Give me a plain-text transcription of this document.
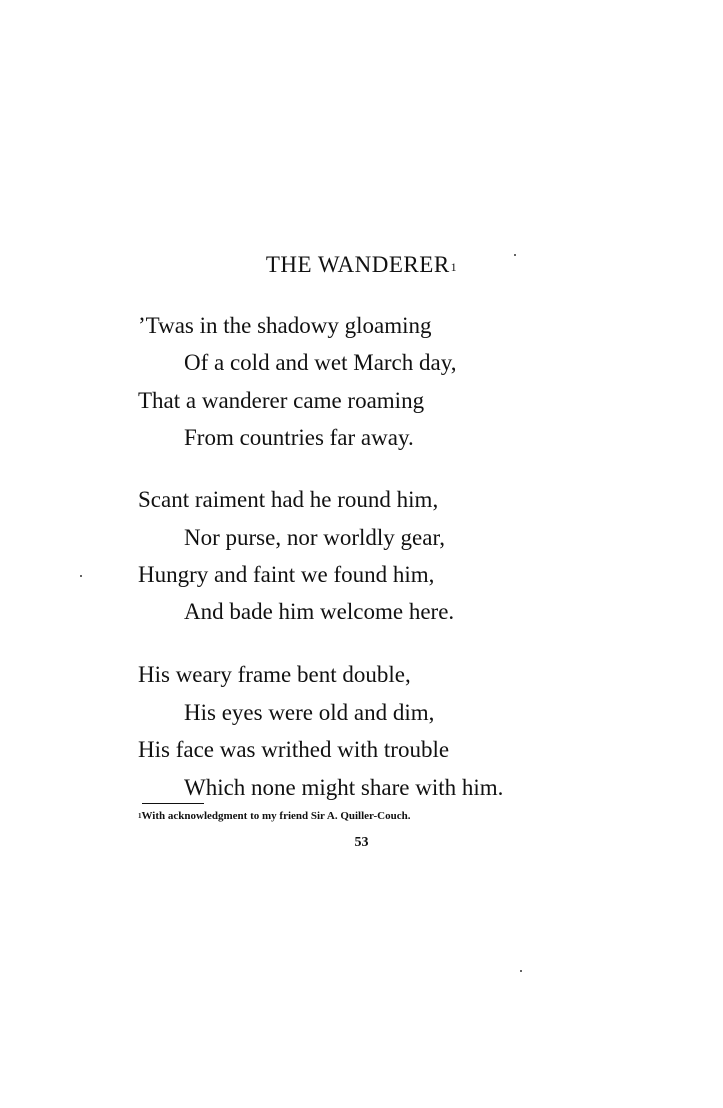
THE WANDERER$^1$
’Twas in the shadowy gloaming
Of a cold and wet March day,
That a wanderer came roaming
From countries far away.
Scant raiment had he round him,
Nor purse, nor worldly gear,
Hungry and faint we found him,
And bade him welcome here.
His weary frame bent double,
His eyes were old and dim,
His face was writhed with trouble
Which none might share with him.
$^1$With acknowledgment to my friend Sir A. Quiller-Couch.
53
